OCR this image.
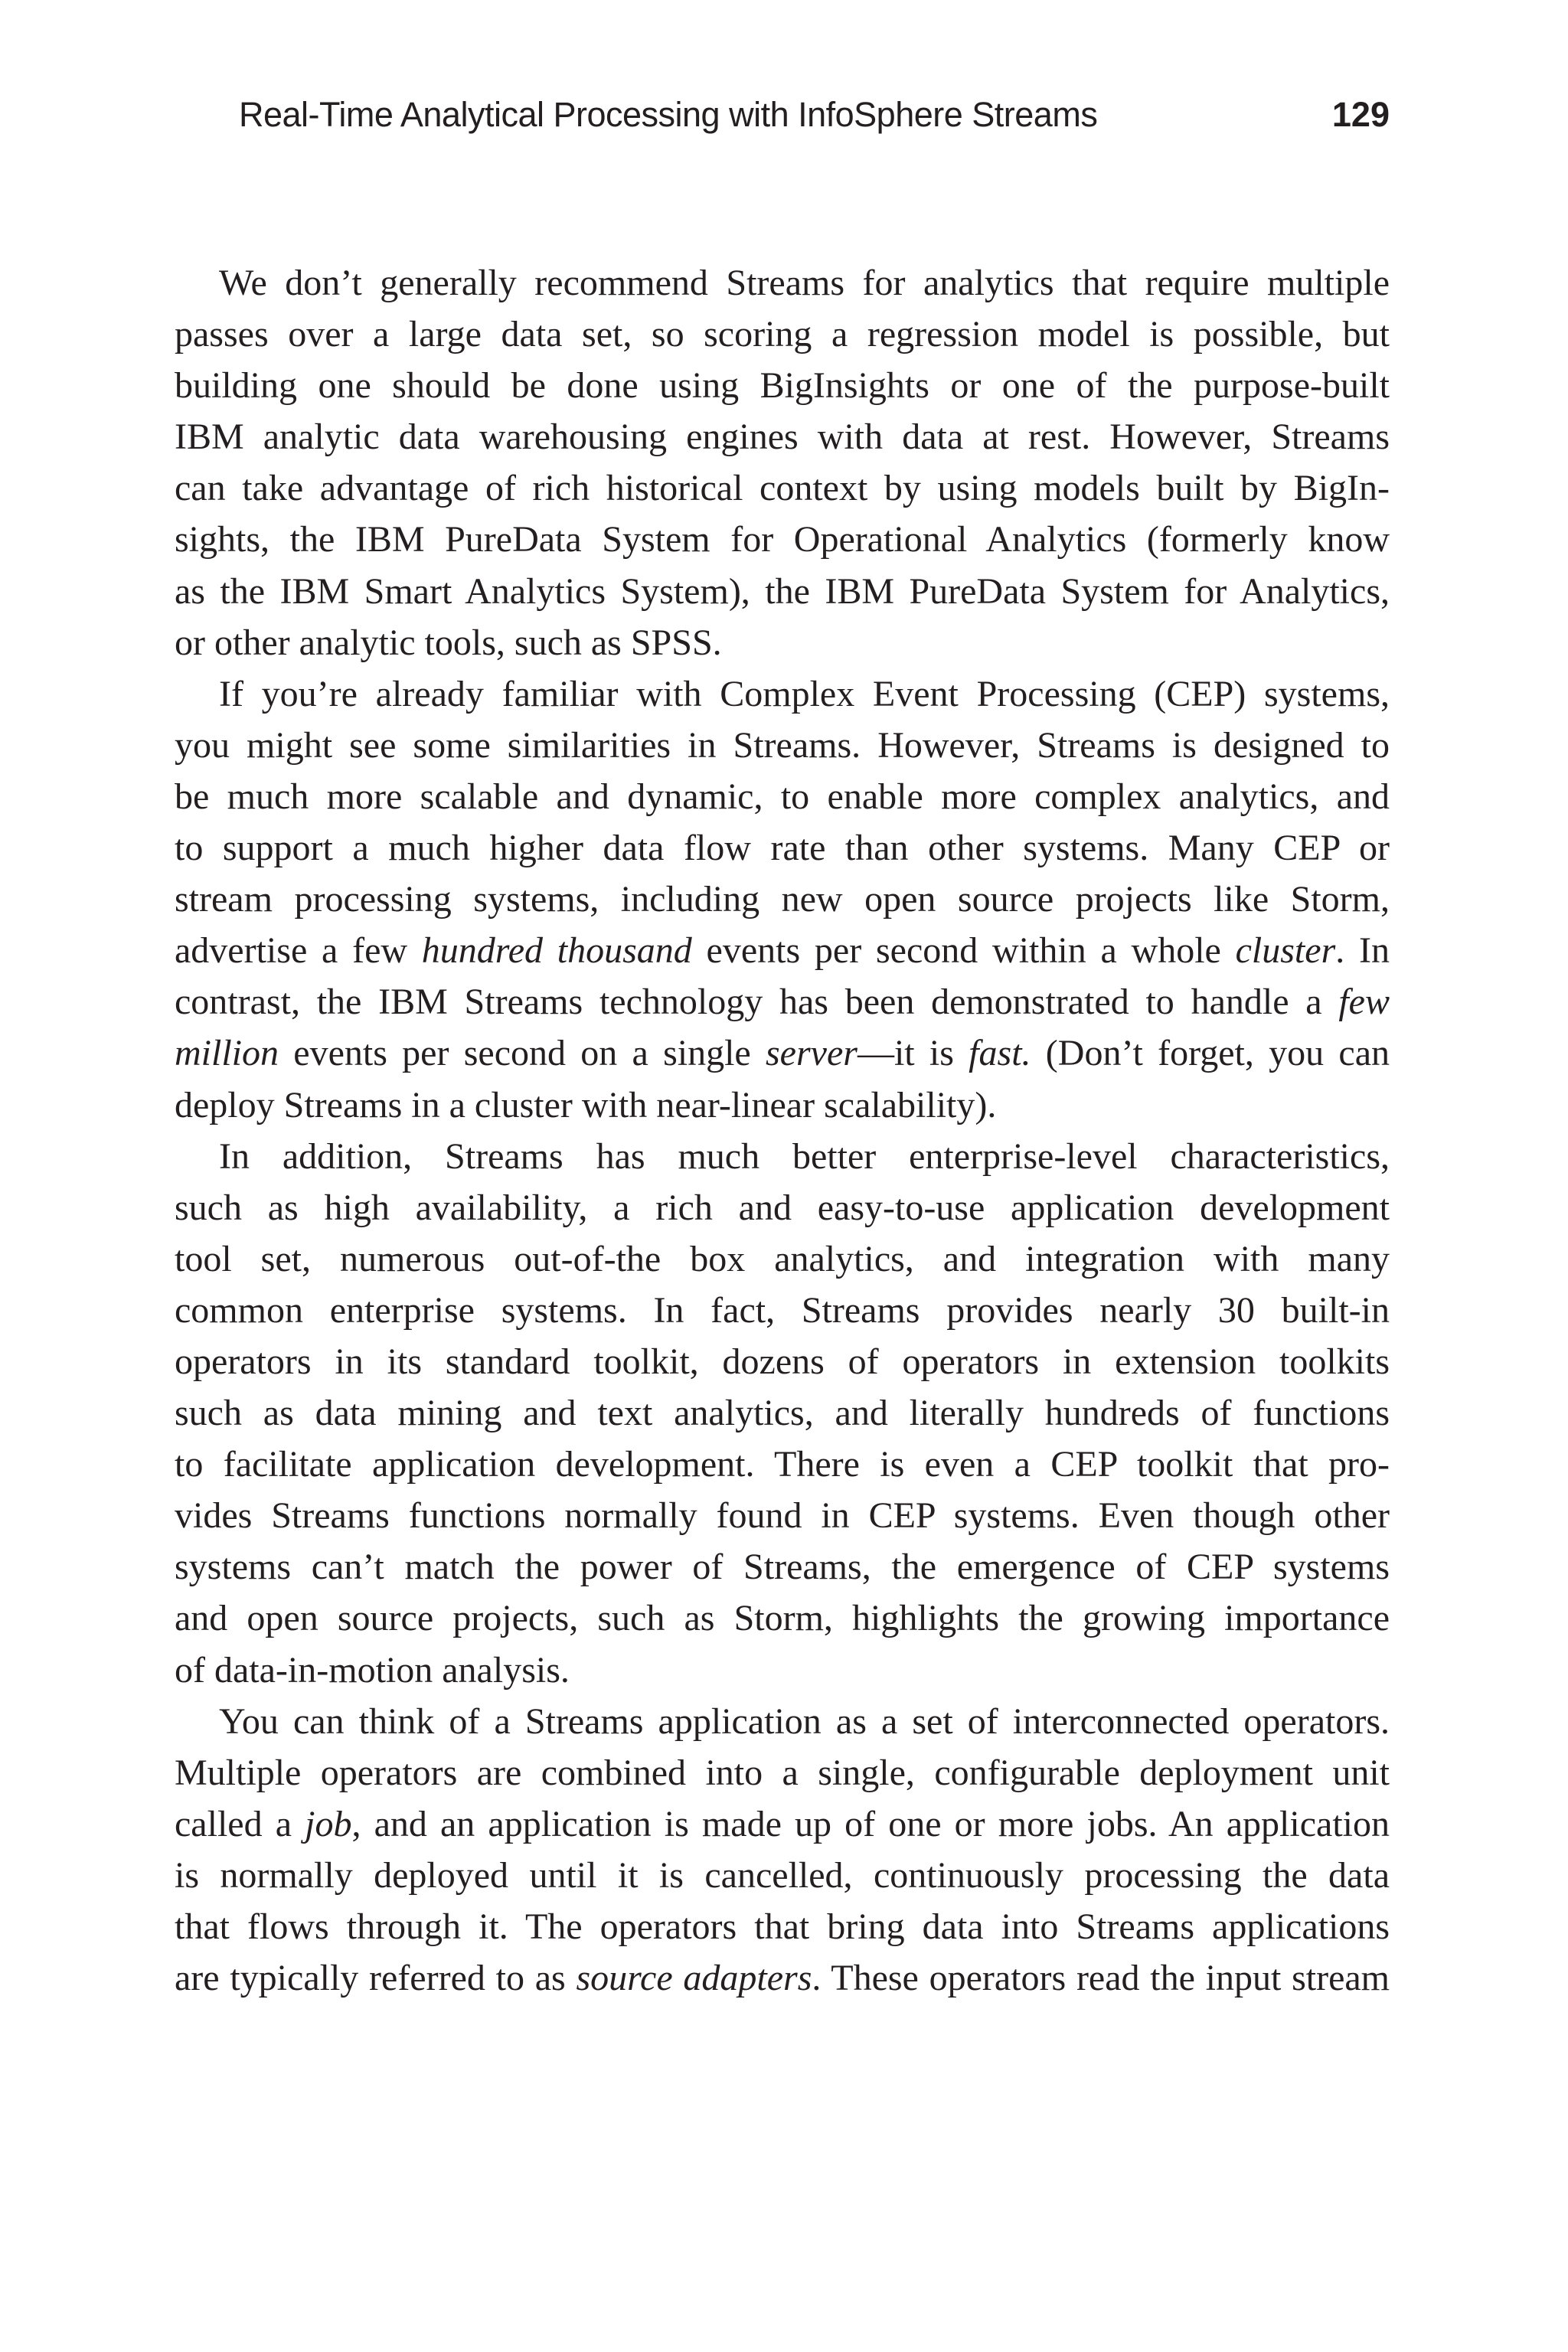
Real-Time Analytical Processing with InfoSphere Streams	129
We don’t generally recommend Streams for analytics that require multiple
passes over a large data set, so scoring a regression model is possible, but
building one should be done using BigInsights or one of the purpose-built
IBM analytic data warehousing engines with data at rest. However, Streams
can take advantage of rich historical context by using models built by BigIn-
sights, the IBM PureData System for Operational Analytics (formerly know
as the IBM Smart Analytics System), the IBM PureData System for Analytics,
or other analytic tools, such as SPSS.
If you’re already familiar with Complex Event Processing (CEP) systems,
you might see some similarities in Streams. However, Streams is designed to
be much more scalable and dynamic, to enable more complex analytics, and
to support a much higher data flow rate than other systems. Many CEP or
stream processing systems, including new open source projects like Storm,
advertise a few hundred thousand events per second within a whole cluster. In
contrast, the IBM Streams technology has been demonstrated to handle a few
million events per second on a single server—it is fast. (Don’t forget, you can
deploy Streams in a cluster with near-linear scalability).
In addition, Streams has much better enterprise-level characteristics,
such as high availability, a rich and easy-to-use application development
tool set, numerous out-of-the box analytics, and integration with many
common enterprise systems. In fact, Streams provides nearly 30 built-in
operators in its standard toolkit, dozens of operators in extension toolkits
such as data mining and text analytics, and literally hundreds of functions
to facilitate application development. There is even a CEP toolkit that pro-
vides Streams functions normally found in CEP systems. Even though other
systems can’t match the power of Streams, the emergence of CEP systems
and open source projects, such as Storm, highlights the growing importance
of data-in-motion analysis.
You can think of a Streams application as a set of interconnected operators.
Multiple operators are combined into a single, configurable deployment unit
called a job, and an application is made up of one or more jobs. An application
is normally deployed until it is cancelled, continuously processing the data
that flows through it. The operators that bring data into Streams applications
are typically referred to as source adapters. These operators read the input stream
